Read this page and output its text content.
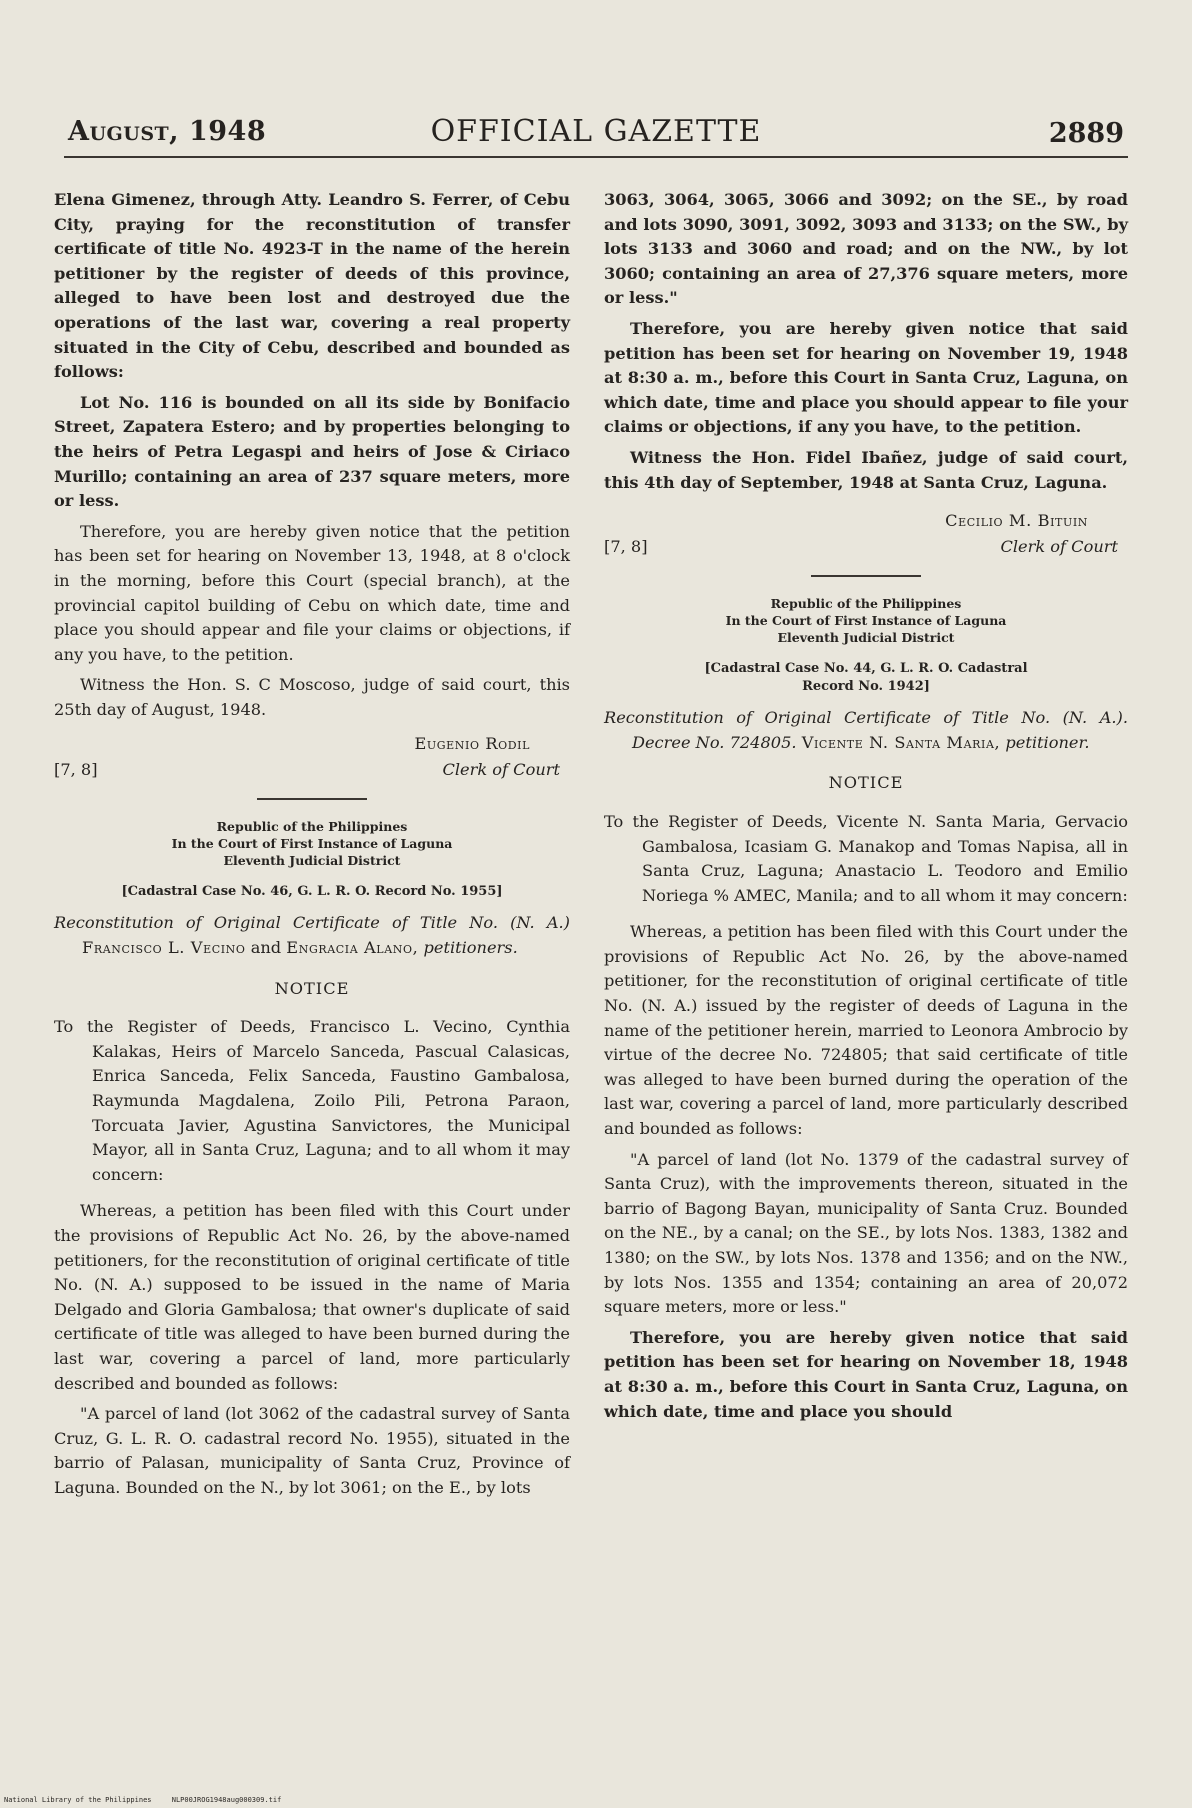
August, 1948	OFFICIAL GAZETTE	2889

Elena Gimenez, through Atty. Leandro S. Ferrer, of Cebu City, praying for the reconstitution of transfer certificate of title No. 4923-T in the name of the herein petitioner by the register of deeds of this province, alleged to have been lost and destroyed due the operations of the last war, covering a real property situated in the City of Cebu, described and bounded as follows:

Lot No. 116 is bounded on all its side by Bonifacio Street, Zapatera Estero; and by properties belonging to the heirs of Petra Legaspi and heirs of Jose & Ciriaco Murillo; containing an area of 237 square meters, more or less.

Therefore, you are hereby given notice that the petition has been set for hearing on November 13, 1948, at 8 o'clock in the morning, before this Court (special branch), at the provincial capitol building of Cebu on which date, time and place you should appear and file your claims or objections, if any you have, to the petition.

Witness the Hon. S. C Moscoso, judge of said court, this 25th day of August, 1948.

Eugenio Rodil
[7, 8]	Clerk of Court
Republic of the Philippines
In the Court of First Instance of Laguna
Eleventh Judicial District

[Cadastral Case No. 46, G. L. R. O. Record No. 1955]

Reconstitution of Original Certificate of Title No. (N. A.) Francisco L. Vecino and Engracia Alano, petitioners.

NOTICE

To the Register of Deeds, Francisco L. Vecino, Cynthia Kalakas, Heirs of Marcelo Sanceda, Pascual Calasicas, Enrica Sanceda, Felix Sanceda, Faustino Gambalosa, Raymunda Magdalena, Zoilo Pili, Petrona Paraon, Torcuata Javier, Agustina Sanvictores, the Municipal Mayor, all in Santa Cruz, Laguna; and to all whom it may concern:

Whereas, a petition has been filed with this Court under the provisions of Republic Act No. 26, by the above-named petitioners, for the reconstitution of original certificate of title No. (N. A.) supposed to be issued in the name of Maria Delgado and Gloria Gambalosa; that owner's duplicate of said certificate of title was alleged to have been burned during the last war, covering a parcel of land, more particularly described and bounded as follows:

"A parcel of land (lot 3062 of the cadastral survey of Santa Cruz, G. L. R. O. cadastral record No. 1955), situated in the barrio of Palasan, municipality of Santa Cruz, Province of Laguna. Bounded on the N., by lot 3061; on the E., by lots

3063, 3064, 3065, 3066 and 3092; on the SE., by road and lots 3090, 3091, 3092, 3093 and 3133; on the SW., by lots 3133 and 3060 and road; and on the NW., by lot 3060; containing an area of 27,376 square meters, more or less."

Therefore, you are hereby given notice that said petition has been set for hearing on November 19, 1948 at 8:30 a. m., before this Court in Santa Cruz, Laguna, on which date, time and place you should appear to file your claims or objections, if any you have, to the petition.

Witness the Hon. Fidel Ibañez, judge of said court, this 4th day of September, 1948 at Santa Cruz, Laguna.

Cecilio M. Bituin
[7, 8]	Clerk of Court
Republic of the Philippines
In the Court of First Instance of Laguna
Eleventh Judicial District
[Cadastral Case No. 44, G. L. R. O. Cadastral
Record No. 1942]

Reconstitution of Original Certificate of Title No. (N. A.). Decree No. 724805. Vicente N. Santa Maria, petitioner.

NOTICE

To the Register of Deeds, Vicente N. Santa Maria, Gervacio Gambalosa, Icasiam G. Manakop and Tomas Napisa, all in Santa Cruz, Laguna; Anastacio L. Teodoro and Emilio Noriega % AMEC, Manila; and to all whom it may concern:

Whereas, a petition has been filed with this Court under the provisions of Republic Act No. 26, by the above-named petitioner, for the reconstitution of original certificate of title No. (N. A.) issued by the register of deeds of Laguna in the name of the petitioner herein, married to Leonora Ambrocio by virtue of the decree No. 724805; that said certificate of title was alleged to have been burned during the operation of the last war, covering a parcel of land, more particularly described and bounded as follows:

"A parcel of land (lot No. 1379 of the cadastral survey of Santa Cruz), with the improvements thereon, situated in the barrio of Bagong Bayan, municipality of Santa Cruz. Bounded on the NE., by a canal; on the SE., by lots Nos. 1383, 1382 and 1380; on the SW., by lots Nos. 1378 and 1356; and on the NW., by lots Nos. 1355 and 1354; containing an area of 20,072 square meters, more or less."

Therefore, you are hereby given notice that said petition has been set for hearing on November 18, 1948 at 8:30 a. m., before this Court in Santa Cruz, Laguna, on which date, time and place you should

National Library of the Philippines	NLP00JROG1948aug000309.tif
